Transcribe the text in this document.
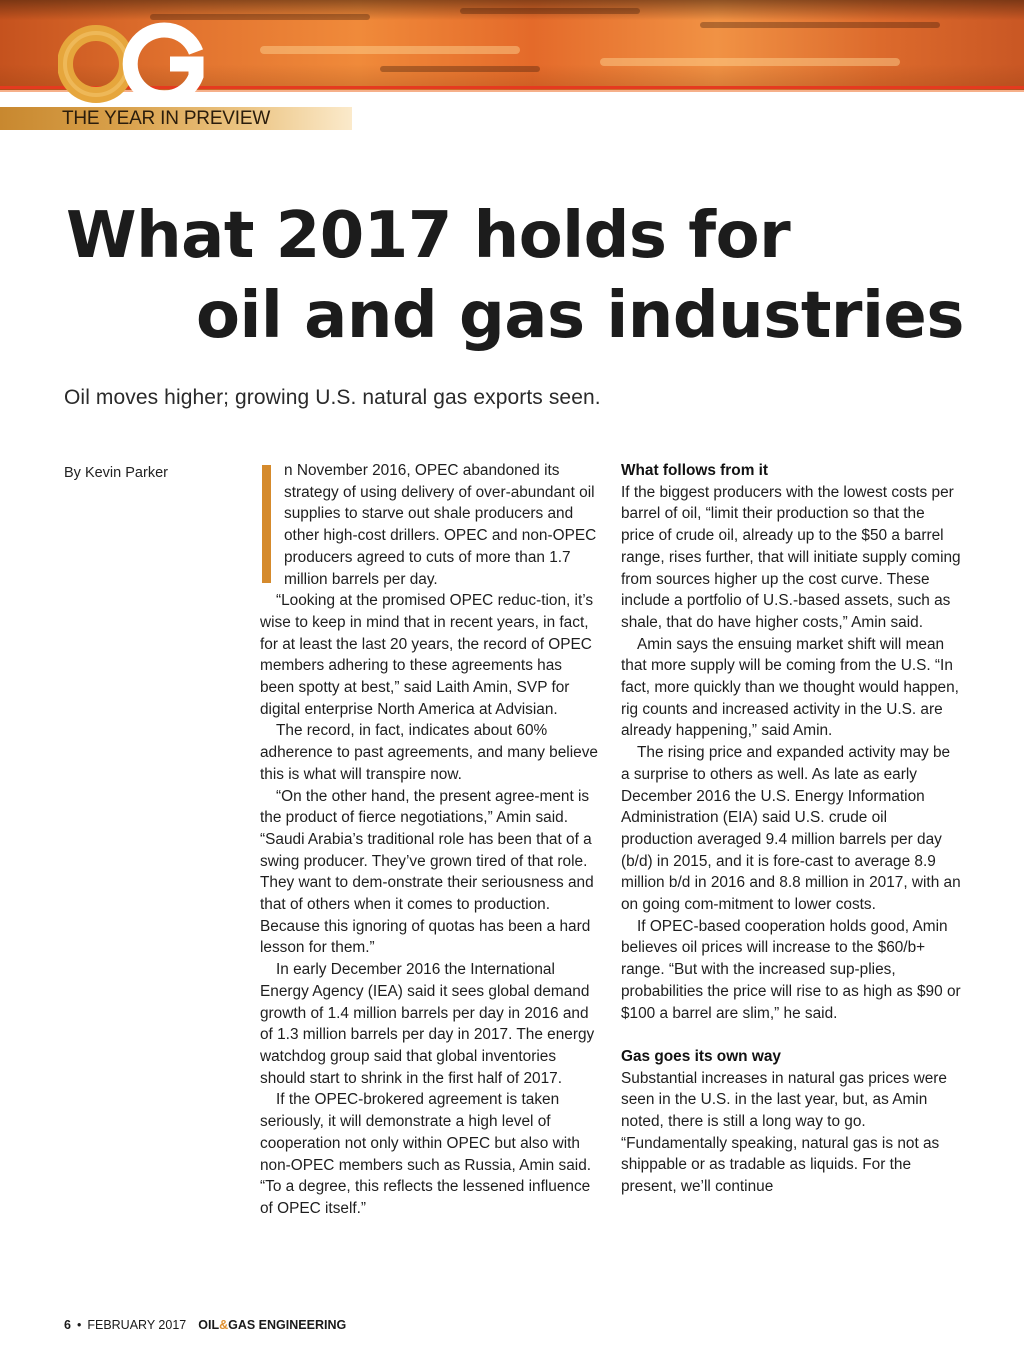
THE YEAR IN PREVIEW
What 2017 holds for
oil and gas industries
Oil moves higher; growing U.S. natural gas exports seen.
By Kevin Parker	n November 2016, OPEC abandoned its strategy of using delivery of over-abundant oil supplies to starve out shale producers and other high-cost drillers. OPEC and non-OPEC producers agreed to cuts of more than 1.7 million barrels per day.

“Looking at the promised OPEC reduc-tion, it’s wise to keep in mind that in recent years, in fact, for at least the last 20 years, the record of OPEC members adhering to these agreements has been spotty at best,” said Laith Amin, SVP for digital enterprise North America at Advisian.

The record, in fact, indicates about 60% adherence to past agreements, and many believe this is what will transpire now.

“On the other hand, the present agree-ment is the product of fierce negotiations,” Amin said. “Saudi Arabia’s traditional role has been that of a swing producer. They’ve grown tired of that role. They want to dem-onstrate their seriousness and that of others when it comes to production. Because this ignoring of quotas has been a hard lesson for them.”

In early December 2016 the International Energy Agency (IEA) said it sees global demand growth of 1.4 million barrels per day in 2016 and of 1.3 million barrels per day in 2017. The energy watchdog group said that global inventories should start to shrink in the first half of 2017.

If the OPEC-brokered agreement is taken seriously, it will demonstrate a high level of cooperation not only within OPEC but also with non-OPEC members such as Russia, Amin said. “To a degree, this reflects the lessened influence of OPEC itself.”

What follows from it

If the biggest producers with the lowest costs per barrel of oil, “limit their production so that the price of crude oil, already up to the $50 a barrel range, rises further, that will initiate supply coming from sources higher up the cost curve. These include a portfolio of U.S.-based assets, such as shale, that do have higher costs,” Amin said.

Amin says the ensuing market shift will mean that more supply will be coming from the U.S. “In fact, more quickly than we thought would happen, rig counts and increased activity in the U.S. are already happening,” said Amin.

The rising price and expanded activity may be a surprise to others as well. As late as early December 2016 the U.S. Energy Information Administration (EIA) said U.S. crude oil production averaged 9.4 million barrels per day (b/d) in 2015, and it is fore-cast to average 8.9 million b/d in 2016 and 8.8 million in 2017, with an on going com-mitment to lower costs.

If OPEC-based cooperation holds good, Amin believes oil prices will increase to the $60/b+ range. “But with the increased sup-plies, probabilities the price will rise to as high as $90 or $100 a barrel are slim,” he said.

Gas goes its own way

Substantial increases in natural gas prices were seen in the U.S. in the last year, but, as Amin noted, there is still a long way to go. “Fundamentally speaking, natural gas is not as shippable or as tradable as liquids. For the present, we’ll continue

6 • FEBRUARY 2017 OIL&GAS ENGINEERING
